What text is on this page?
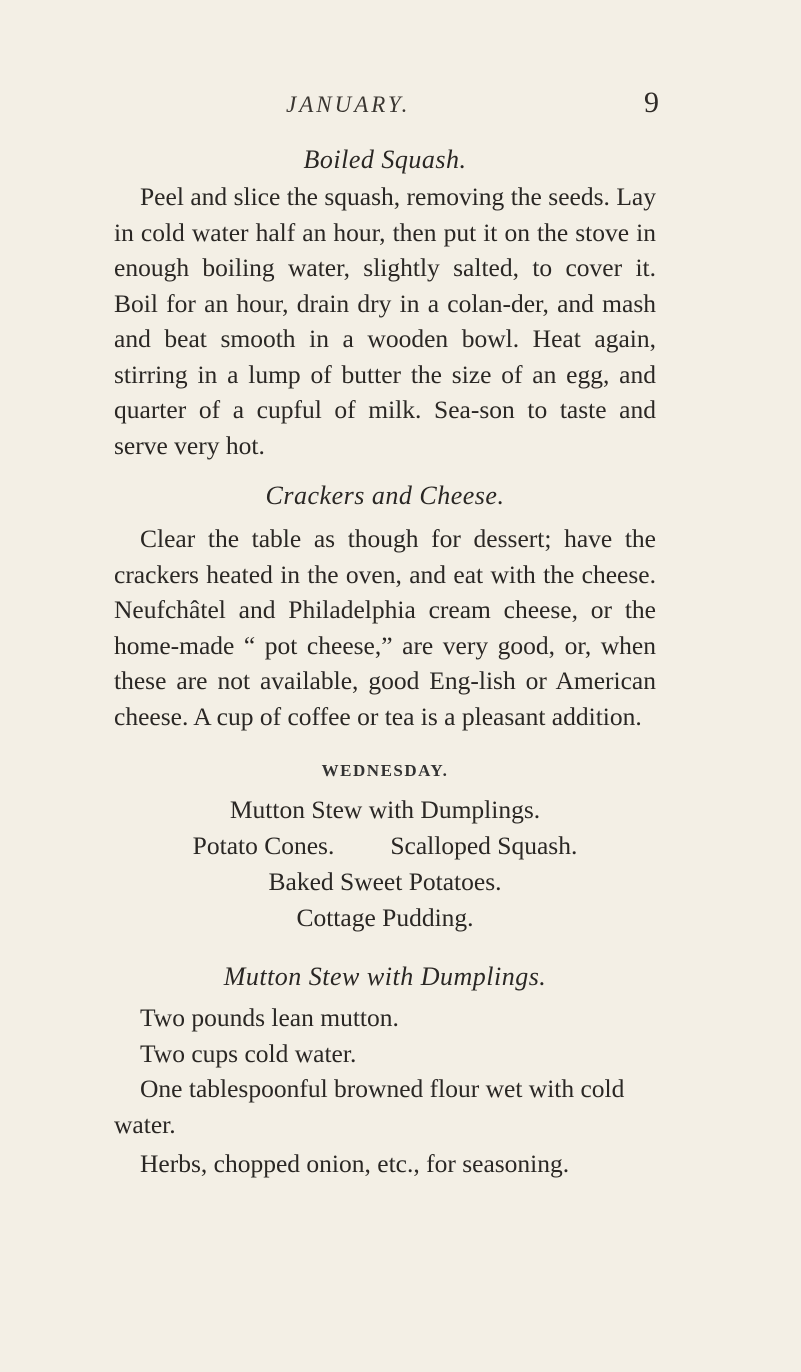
JANUARY.	9

Boiled Squash.

Peel and slice the squash, removing the seeds. Lay in cold water half an hour, then put it on the stove in enough boiling water, slightly salted, to cover it. Boil for an hour, drain dry in a colan-der, and mash and beat smooth in a wooden bowl. Heat again, stirring in a lump of butter the size of an egg, and quarter of a cupful of milk. Sea-son to taste and serve very hot.

Crackers and Cheese.

Clear the table as though for dessert; have the crackers heated in the oven, and eat with the cheese. Neufchâtel and Philadelphia cream cheese, or the home-made “ pot cheese,” are very good, or, when these are not available, good Eng-lish or American cheese. A cup of coffee or tea is a pleasant addition.

WEDNESDAY.

Mutton Stew with Dumplings.
Potato Cones. Scalloped Squash.
Baked Sweet Potatoes.
Cottage Pudding.

Mutton Stew with Dumplings.

Two pounds lean mutton.

Two cups cold water.

One tablespoonful browned flour wet with cold water.

Herbs, chopped onion, etc., for seasoning.
